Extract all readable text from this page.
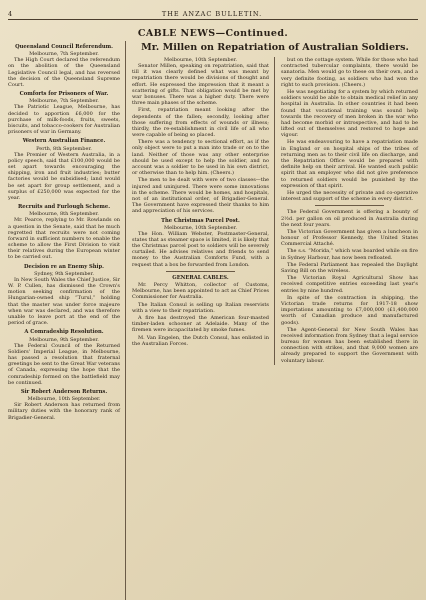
4	THE ANZAC BULLETIN.
CABLE NEWS—Continued.
Queensland Council Referendum.
Melbourne, 7th September.

The High Court declared the referendum on the abolition of the Queensland Legislative Council legal, and has reversed the decision of the Queensland Supreme Court.

Comforts for Prisoners of War.
Melbourne, 7th September.

The Patriotic League, Melbourne, has decided to apportion £6,000 for the purchase of milk-foods, fruits, sweets, biscuits, and tobacco-cookers for Australian prisoners of war in Germany.

Western Australian Finance.
Perth, 8th September.

The Premier of Western Australia, in a policy speech, said that £100,000 would be set apart towards encouraging the shipping, iron and fruit industries; butter factories would be subsidised; land would be set apart for group settlement, and a surplus of £250,000 was expected for the year.

Recruits and Furlough Scheme.
Melbourne, 8th September.

Mr. Pearce, replying to Mr. Rowlands on a question in the Senate, said that he much regretted that recruits were not coming forward in sufficient numbers to enable the scheme to allow the First Division to visit their relatives during the European winter to be carried out.

Decision re an Enemy Ship.
Sydney, 9th September.

In New South Wales the Chief Justice, Sir W. P. Cullen, has dismissed the Crown's motion seeking confirmation of the Hungarian-owned ship “Turul,” holding that the master was under force majeure when war was declared, and was therefore unable to leave port at the end of the period of grace.

A Comradeship Resolution.
Melbourne, 9th September.

The Federal Council of the Returned Soldiers' Imperial League, in Melbourne, has passed a resolution that fraternal greetings be sent to the Great War veterans of Canada, expressing the hope that the comradeship formed on the battlefield may be continued.

Sir Robert Anderson Returns.
Melbourne, 10th September.

Sir Robert Anderson has returned from military duties with the honorary rank of Brigadier-General.

Mr. Millen on Repatriation of Australian Soldiers.
Melbourne, 10th September.

Senator Millen, speaking on repatriation, said that till it was clearly defined what was meant by repatriation there would be divisions of thought and effort. He expressed the impression that it meant a scattering of gifts. That obligation would be met by war bonuses. There was a higher duty. There were three main phases of the scheme.

First, repatriation meant looking after the dependents of the fallen; secondly, looking after those suffering from effects of wounds or illness; thirdly, the re-establishment in civil life of all who were capable of being so placed.

There was a tendency to sectional effort, as if the only object were to put a man into trade or on to the land. Neither of those was any other enterprise should be used except to help the soldier, and no account was a soldier to be used in his own district, or otherwise than to help him. (Cheers.)

The men to be dealt with were of two classes—the injured and uninjured. There were some innovations in the scheme. There would be homes, and hospitals, not of an institutional order, of Brigadier-General. The Government have expressed their thanks to him and appreciation of his services.

The Christmas Parcel Post.
Melbourne, 10th September.

The Hon. William Webster, Postmaster-General, states that as steamer space is limited, it is likely that the Christmas parcel post to soldiers will be severely curtailed. He advises relatives and friends to send money to the Australian Comforts Fund, with a request that a box be forwarded from London.

GENERAL CABLES.

Mr. Percy Whitton, collector of Customs, Melbourne, has been appointed to act as Chief Prices Commissioner for Australia.

The Italian Consul is selling up Italian reservists with a view to their repatriation.

A fire has destroyed the American four-masted timber-laden schooner at Adelaide. Many of the firemen were incapacitated by smoke fumes.

M. Van Engelen, the Dutch Consul, has enlisted in the Australian Forces.

but on the cottage system. While for those who had contracted tubercular complaints, there would be sanatoria. Men would go to these on their own, and a very definite footing, as soldiers who had won the right to such provision. (Cheers.)

He was negotiating for a system by which returned soldiers would be able to obtain medical relief in any hospital in Australia. In other countries it had been found that vocational training was sound help towards the recovery of men broken in the war who had become morbid or introspective, and had to be lifted out of themselves and restored to hope and vigour.

He was endeavouring to have a repatriation made in England or on hospital ships of the tribes of returning men as to their civil life on discharge, and the Repatriation Office would be prepared with definite help on their arrival. He wanted such public spirit that an employer who did not give preference to returned soldiers would be punished by the expression of that spirit.

He urged the necessity of private and co-operative interest and support of the scheme in every district.

The Federal Government is offering a bounty of 2½d. per gallon on oil produced in Australia during the next four years.

The Victorian Government has given a luncheon in honour of Professor Kennedy, the United States Commercial Attaché.

The s.s. “Morida,” which was boarded while on fire in Sydney Harbour, has now been refloated.

The Federal Parliament has repealed the Daylight Saving Bill on the wireless.

The Victorian Royal Agricultural Show has received competitive entries exceeding last year's entries by nine hundred.

In spite of the contraction in shipping, the Victorian trade returns for 1917-18 show importations amounting to £7,000,000 (£1,400,000 worth of Canadian produce and manufactured goods).

The Agent-General for New South Wales has received information from Sydney that a legal service bureau for women has been established there in connection with strikes, and that 9,000 women are already prepared to support the Government with voluntary labour.
